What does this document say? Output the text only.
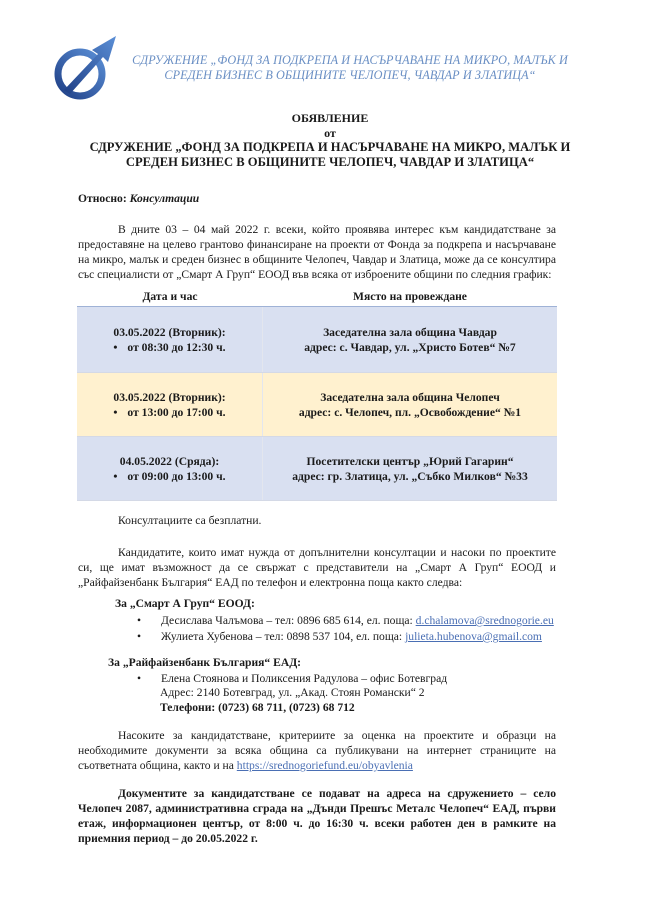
СДРУЖЕНИЕ „ФОНД ЗА ПОДКРЕПА И НАСЪРЧАВАНЕ НА МИКРО, МАЛЪК И
СРЕДЕН БИЗНЕС В ОБЩИНИТЕ ЧЕЛОПЕЧ, ЧАВДАР И ЗЛАТИЦА“
ОБЯВЛЕНИЕ
от
СДРУЖЕНИЕ „ФОНД ЗА ПОДКРЕПА И НАСЪРЧАВАНЕ НА МИКРО, МАЛЪК И
СРЕДЕН БИЗНЕС В ОБЩИНИТЕ ЧЕЛОПЕЧ, ЧАВДАР И ЗЛАТИЦА“
Относно: Консултации
В дните 03 – 04 май 2022 г. всеки, който проявява интерес към кандидатстване за предоставяне на целево грантово финансиране на проекти от Фонда за подкрепа и насърчаване на микро, малък и среден бизнес в общините Челопеч, Чавдар и Златица, може да се консултира със специалисти от „Смарт А Груп“ ЕООД във всяка от изброените общини по следния график:
Дата и час	Място на провеждане
03.05.2022 (Вторник):
• от 08:30 до 12:30 ч.
Заседателна зала община Чавдар
адрес: с. Чавдар, ул. „Христо Ботев“ №7
03.05.2022 (Вторник):
• от 13:00 до 17:00 ч.
Заседателна зала община Челопеч
адрес: с. Челопеч, пл. „Освобождение“ №1
04.05.2022 (Сряда):
• от 09:00 до 13:00 ч.
Посетителски център „Юрий Гагарин“
адрес: гр. Златица, ул. „Събко Милков“ №33
Консултациите са безплатни.
Кандидатите, които имат нужда от допълнителни консултации и насоки по проектите си, ще имат възможност да се свържат с представители на „Смарт А Груп“ ЕООД и „Райфайзенбанк България“ ЕАД по телефон и електронна поща както следва:
За „Смарт А Груп“ ЕООД:
• Десислава Чалъмова – тел: 0896 685 614, ел. поща: d.chalamova@srednogorie.eu
• Жулиета Хубенова – тел: 0898 537 104, ел. поща: julieta.hubenova@gmail.com
За „Райфайзенбанк България“ ЕАД:
• Елена Стоянова и Поликсения Радулова – офис Ботевград
Адрес: 2140 Ботевград, ул. „Акад. Стоян Романски“ 2
Телефони: (0723) 68 711, (0723) 68 712
Насоките за кандидатстване, критериите за оценка на проектите и образци на необходимите документи за всяка община са публикувани на интернет страниците на съответната община, както и на https://srednogoriefund.eu/obyavlenia
Документите за кандидатстване се подават на адреса на сдружението – село Челопеч 2087, административна сграда на „Дънди Прешъс Металс Челопеч“ ЕАД, първи етаж, информационен център, от 8:00 ч. до 16:30 ч. всеки работен ден в рамките на приемния период – до 20.05.2022 г.
